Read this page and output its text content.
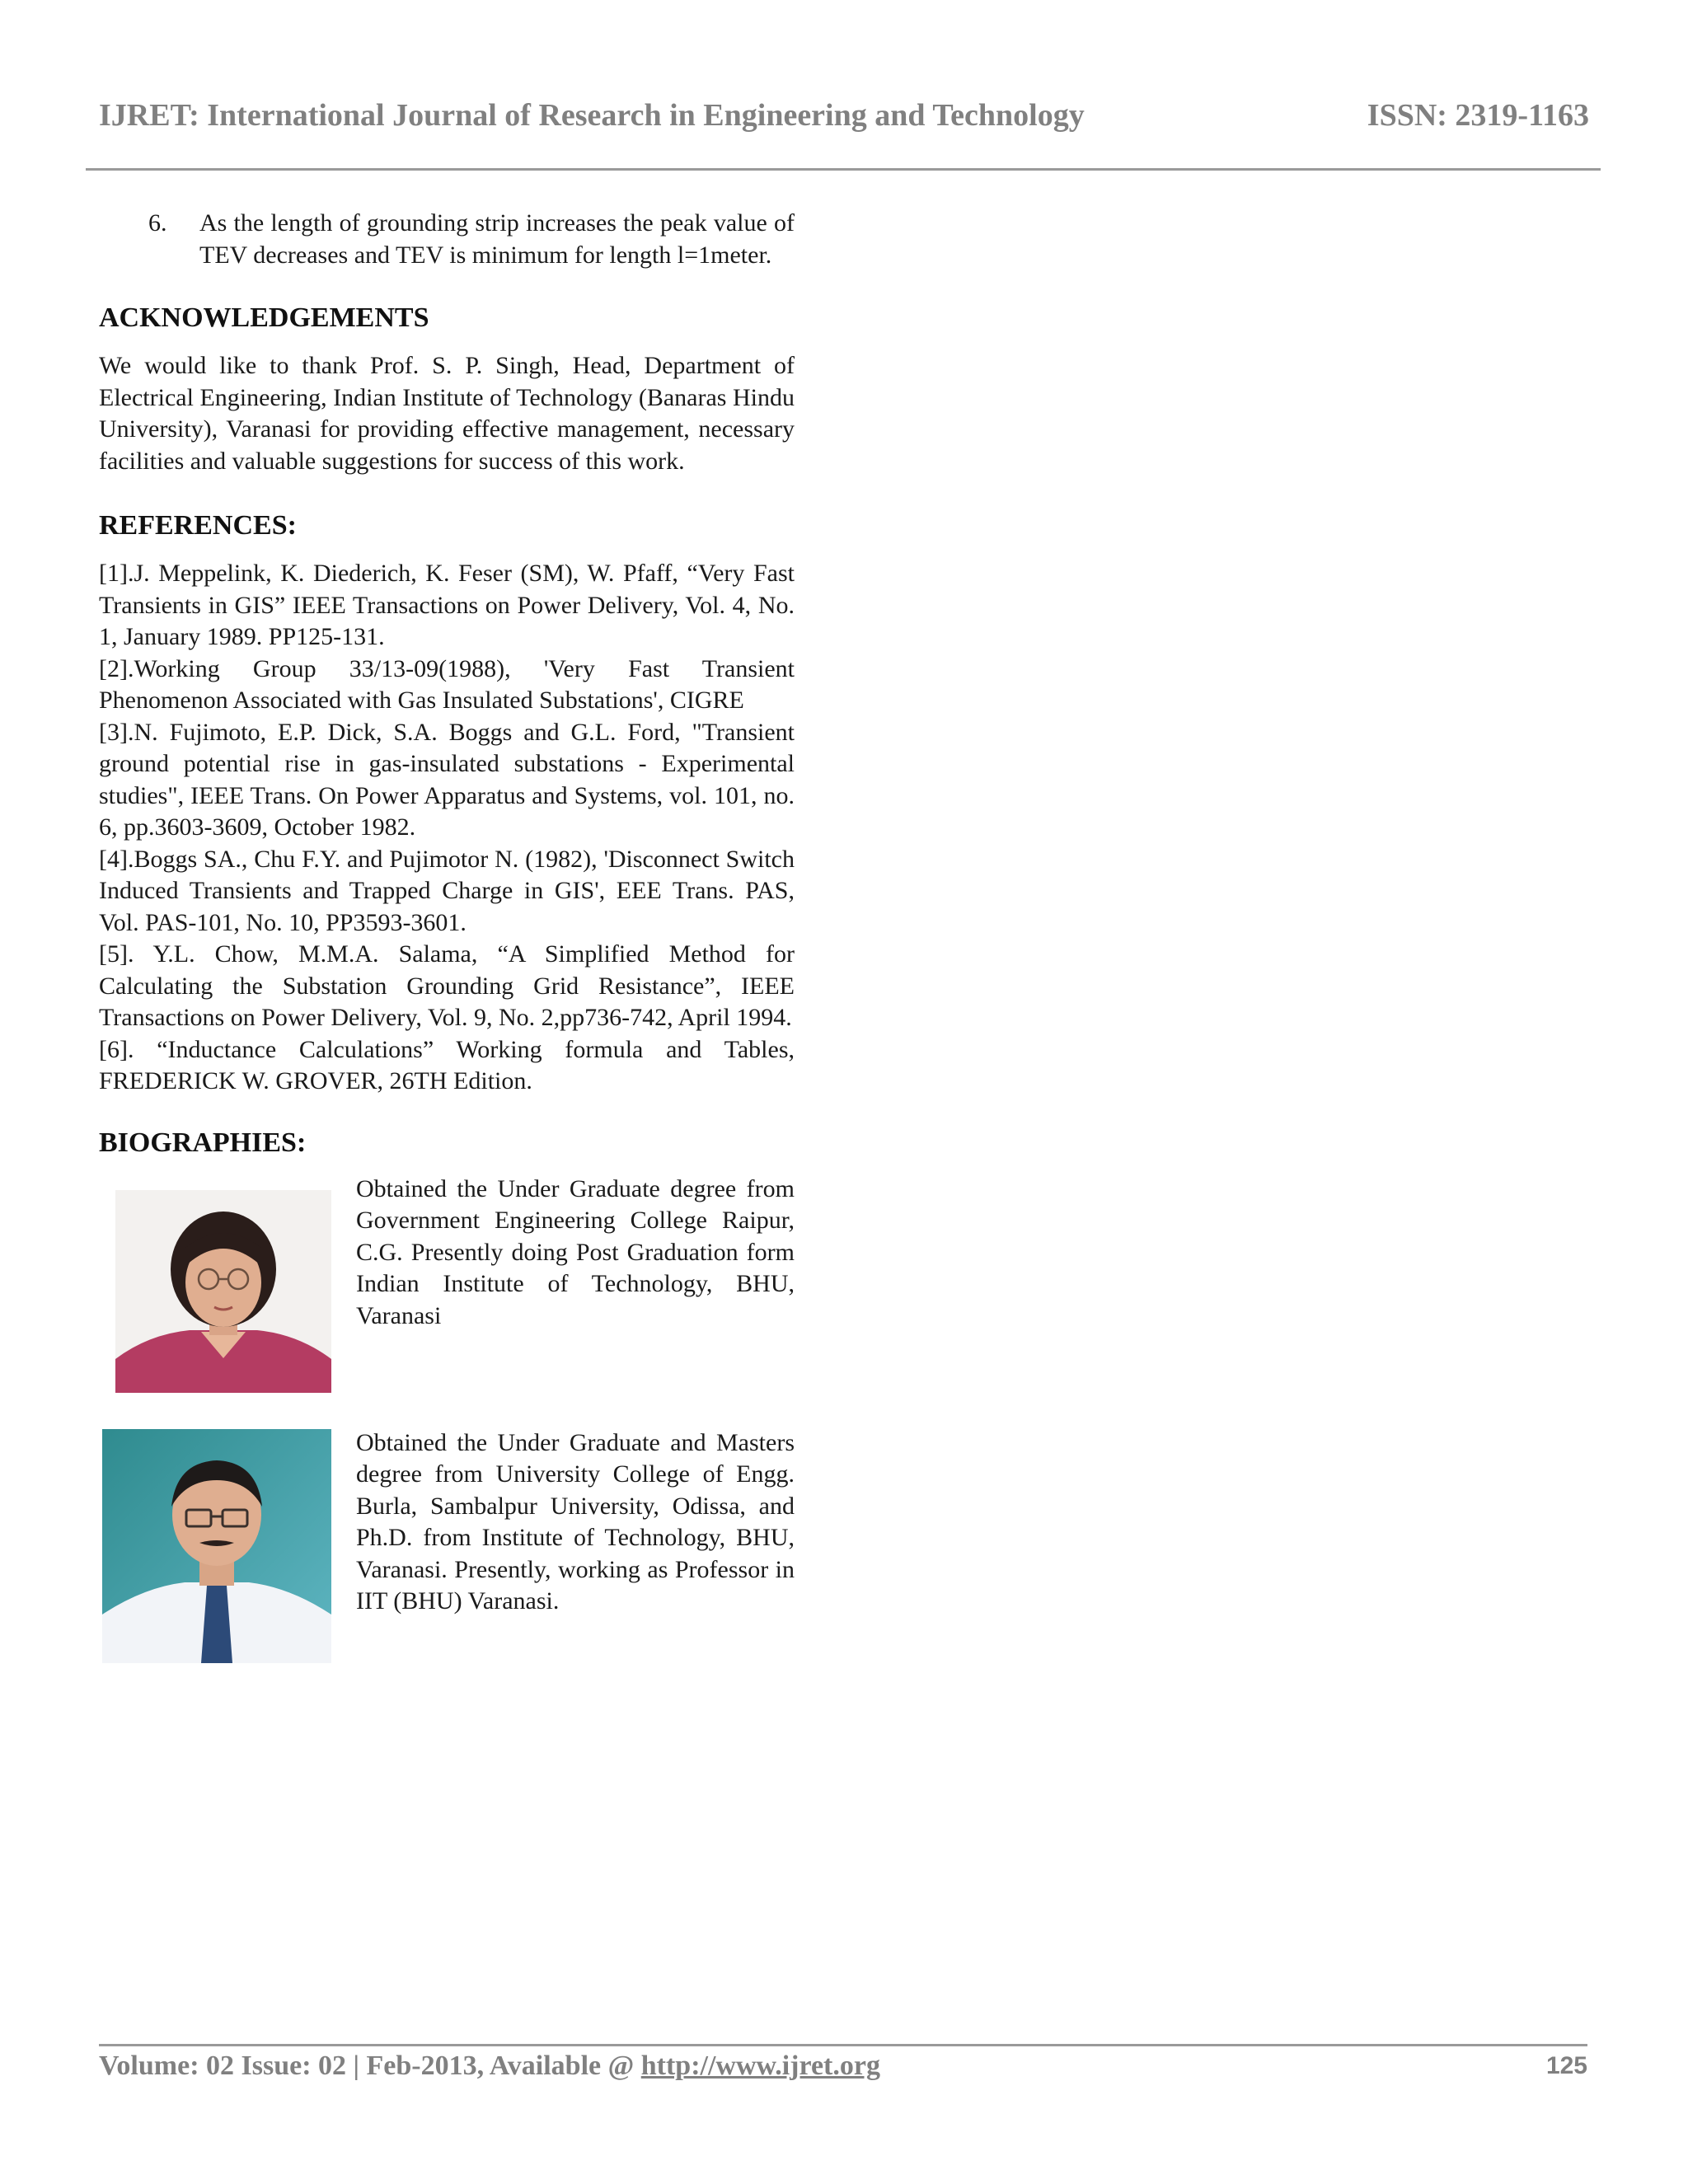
IJRET: International Journal of Research in Engineering and Technology	ISSN: 2319-1163
6. As the length of grounding strip increases the peak value of TEV decreases and TEV is minimum for length l=1meter.
ACKNOWLEDGEMENTS

We would like to thank Prof. S. P. Singh, Head, Department of Electrical Engineering, Indian Institute of Technology (Banaras Hindu University), Varanasi for providing effective management, necessary facilities and valuable suggestions for success of this work.

REFERENCES:

[1].J. Meppelink, K. Diederich, K. Feser (SM), W. Pfaff, “Very Fast Transients in GIS” IEEE Transactions on Power Delivery, Vol. 4, No. 1, January 1989. PP125-131.

[2].Working Group 33/13-09(1988), 'Very Fast Transient Phenomenon Associated with Gas Insulated Substations', CIGRE

[3].N. Fujimoto, E.P. Dick, S.A. Boggs and G.L. Ford, "Transient ground potential rise in gas-insulated substations - Experimental studies", IEEE Trans. On Power Apparatus and Systems, vol. 101, no. 6, pp.3603-3609, October 1982.

[4].Boggs SA., Chu F.Y. and Pujimotor N. (1982), 'Disconnect Switch Induced Transients and Trapped Charge in GIS', EEE Trans. PAS, Vol. PAS-101, No. 10, PP3593-3601.

[5]. Y.L. Chow, M.M.A. Salama, “A Simplified Method for Calculating the Substation Grounding Grid Resistance”, IEEE Transactions on Power Delivery, Vol. 9, No. 2,pp736-742, April 1994.

[6]. “Inductance Calculations” Working formula and Tables, FREDERICK W. GROVER, 26TH Edition.

BIOGRAPHIES:
Obtained the Under Graduate degree from Government Engineering College Raipur, C.G. Presently doing Post Graduation form Indian Institute of Technology, BHU, Varanasi
Obtained the Under Graduate and Masters degree from University College of Engg. Burla, Sambalpur University, Odissa, and Ph.D. from Institute of Technology, BHU, Varanasi. Presently, working as Professor in IIT (BHU) Varanasi.
Volume: 02 Issue: 02 | Feb-2013, Available @ http://www.ijret.org	125
